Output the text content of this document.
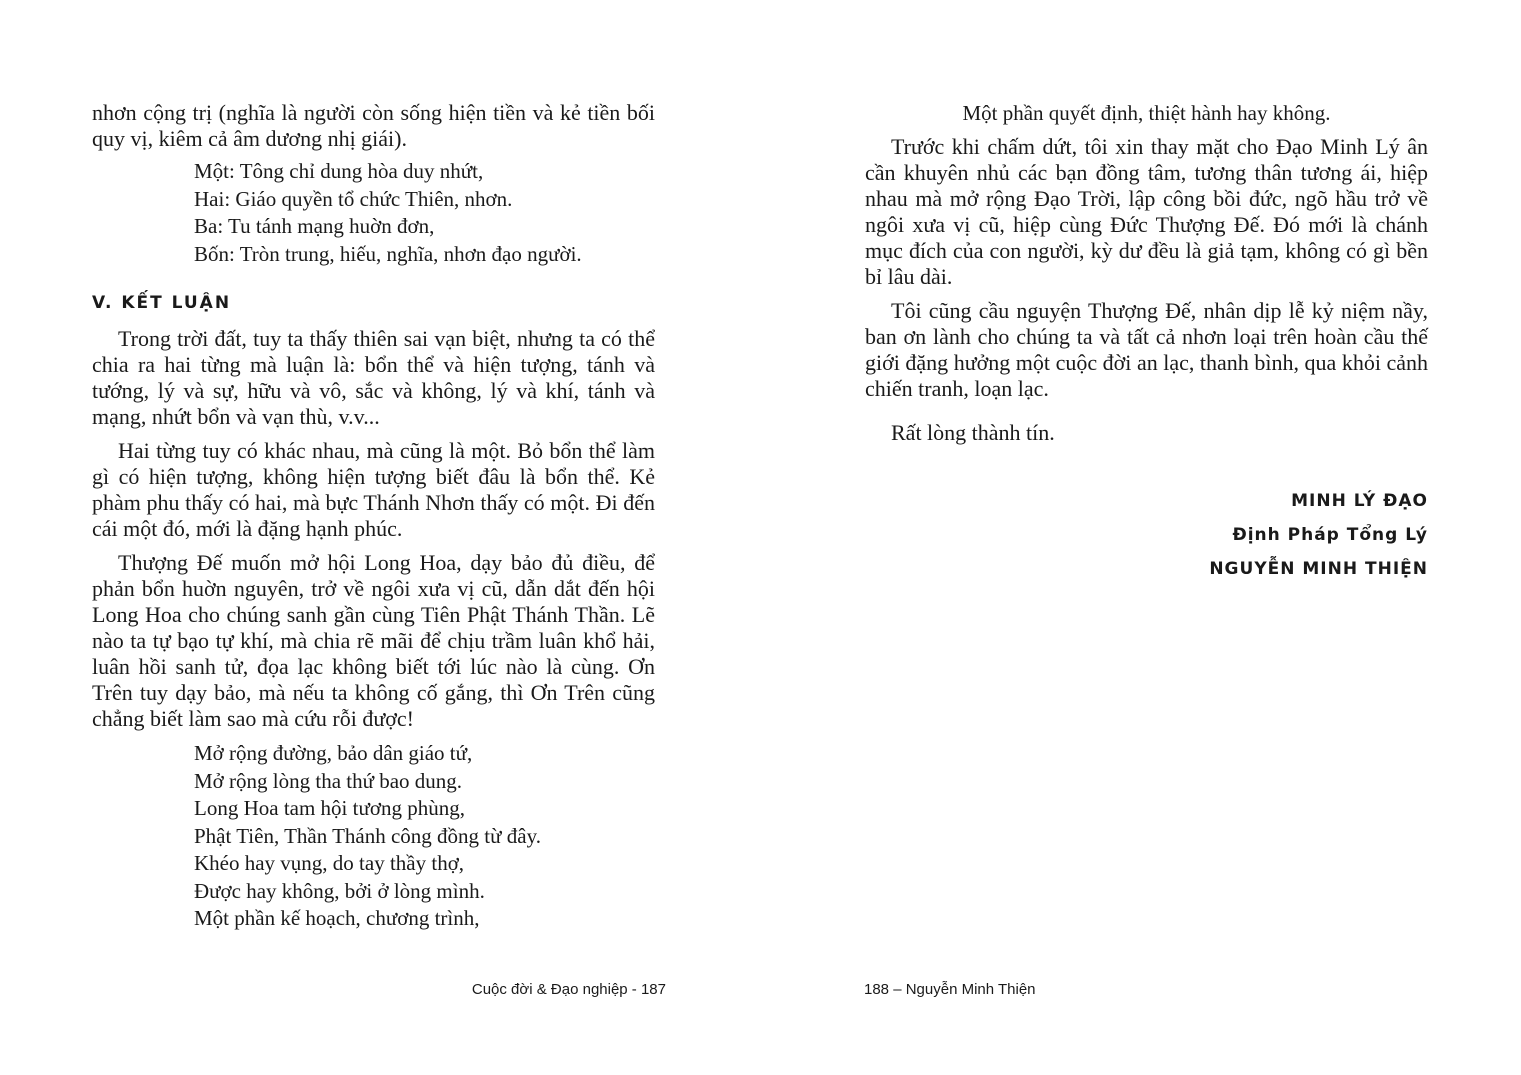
nhơn cộng trị (nghĩa là người còn sống hiện tiền và kẻ tiền bối quy vị, kiêm cả âm dương nhị giái).

Một: Tông chỉ dung hòa duy nhứt,
Hai: Giáo quyền tổ chức Thiên, nhơn.
Ba: Tu tánh mạng huờn đơn,
Bốn: Tròn trung, hiếu, nghĩa, nhơn đạo người.
V. KẾT LUẬN

Trong trời đất, tuy ta thấy thiên sai vạn biệt, nhưng ta có thể chia ra hai từng mà luận là: bổn thể và hiện tượng, tánh và tướng, lý và sự, hữu và vô, sắc và không, lý và khí, tánh và mạng, nhứt bổn và vạn thù, v.v...

Hai từng tuy có khác nhau, mà cũng là một. Bỏ bổn thể làm gì có hiện tượng, không hiện tượng biết đâu là bổn thể. Kẻ phàm phu thấy có hai, mà bực Thánh Nhơn thấy có một. Đi đến cái một đó, mới là đặng hạnh phúc.

Thượng Đế muốn mở hội Long Hoa, dạy bảo đủ điều, để phản bổn huờn nguyên, trở về ngôi xưa vị cũ, dẫn dắt đến hội Long Hoa cho chúng sanh gần cùng Tiên Phật Thánh Thần. Lẽ nào ta tự bạo tự khí, mà chia rẽ mãi để chịu trầm luân khổ hải, luân hồi sanh tử, đọa lạc không biết tới lúc nào là cùng. Ơn Trên tuy dạy bảo, mà nếu ta không cố gắng, thì Ơn Trên cũng chẳng biết làm sao mà cứu rỗi được!

Mở rộng đường, bảo dân giáo tứ,
Mở rộng lòng tha thứ bao dung.
Long Hoa tam hội tương phùng,
Phật Tiên, Thần Thánh công đồng từ đây.
Khéo hay vụng, do tay thầy thợ,
Được hay không, bởi ở lòng mình.
Một phần kế hoạch, chương trình,
Cuộc đời & Đạo nghiệp - 187
Một phần quyết định, thiệt hành hay không.

Trước khi chấm dứt, tôi xin thay mặt cho Đạo Minh Lý ân cần khuyên nhủ các bạn đồng tâm, tương thân tương ái, hiệp nhau mà mở rộng Đạo Trời, lập công bồi đức, ngõ hầu trở về ngôi xưa vị cũ, hiệp cùng Đức Thượng Đế. Đó mới là chánh mục đích của con người, kỳ dư đều là giả tạm, không có gì bền bỉ lâu dài.

Tôi cũng cầu nguyện Thượng Đế, nhân dịp lễ kỷ niệm nầy, ban ơn lành cho chúng ta và tất cả nhơn loại trên hoàn cầu thế giới đặng hưởng một cuộc đời an lạc, thanh bình, qua khỏi cảnh chiến tranh, loạn lạc.

Rất lòng thành tín.

MINH LÝ ĐẠO
Định Pháp Tổng Lý
NGUYỄN MINH THIỆN
188 – Nguyễn Minh Thiện
